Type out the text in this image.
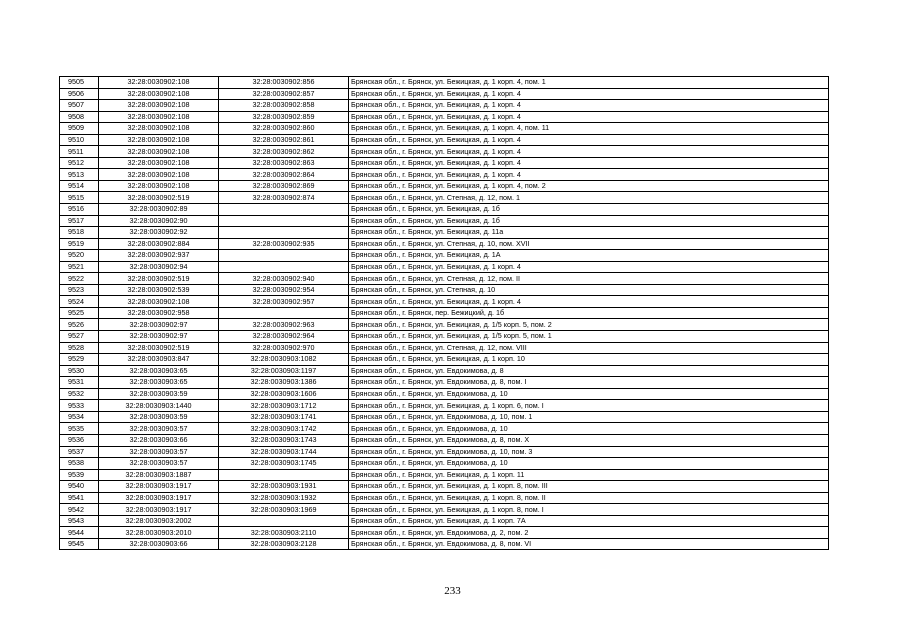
9505	32:28:0030902:108	32:28:0030902:856	Брянская обл., г. Брянск, ул. Бежицкая, д. 1 корп. 4, пом. 1
9506	32:28:0030902:108	32:28:0030902:857	Брянская обл., г. Брянск, ул. Бежицкая, д. 1 корп. 4
9507	32:28:0030902:108	32:28:0030902:858	Брянская обл., г. Брянск, ул. Бежицкая, д. 1 корп. 4
9508	32:28:0030902:108	32:28:0030902:859	Брянская обл., г. Брянск, ул. Бежицкая, д. 1 корп. 4
9509	32:28:0030902:108	32:28:0030902:860	Брянская обл., г. Брянск, ул. Бежицкая, д. 1 корп. 4, пом. 11
9510	32:28:0030902:108	32:28:0030902:861	Брянская обл., г. Брянск, ул. Бежицкая, д. 1 корп. 4
9511	32:28:0030902:108	32:28:0030902:862	Брянская обл., г. Брянск, ул. Бежицкая, д. 1 корп. 4
9512	32:28:0030902:108	32:28:0030902:863	Брянская обл., г. Брянск, ул. Бежицкая, д. 1 корп. 4
9513	32:28:0030902:108	32:28:0030902:864	Брянская обл., г. Брянск, ул. Бежицкая, д. 1 корп. 4
9514	32:28:0030902:108	32:28:0030902:869	Брянская обл., г. Брянск, ул. Бежицкая, д. 1 корп. 4, пом. 2
9515	32:28:0030902:519	32:28:0030902:874	Брянская обл., г. Брянск, ул. Степная, д. 12, пом. 1
9516	32:28:0030902:89		Брянская обл., г. Брянск, ул. Бежицкая, д. 1б
9517	32:28:0030902:90		Брянская обл., г. Брянск, ул. Бежицкая, д. 1б
9518	32:28:0030902:92		Брянская обл., г. Брянск, ул. Бежицкая, д. 11а
9519	32:28:0030902:884	32:28:0030902:935	Брянская обл., г. Брянск, ул. Степная, д. 10, пом. XVII
9520	32:28:0030902:937		Брянская обл., г. Брянск, ул. Бежицкая, д. 1А
9521	32:28:0030902:94		Брянская обл., г. Брянск, ул. Бежицкая, д. 1 корп. 4
9522	32:28:0030902:519	32:28:0030902:940	Брянская обл., г. Брянск, ул. Степная, д. 12, пом. II
9523	32:28:0030902:539	32:28:0030902:954	Брянская обл., г. Брянск, ул. Степная, д. 10
9524	32:28:0030902:108	32:28:0030902:957	Брянская обл., г. Брянск, ул. Бежицкая, д. 1 корп. 4
9525	32:28:0030902:958		Брянская обл., г. Брянск, пер. Бежицкий, д. 1б
9526	32:28:0030902:97	32:28:0030902:963	Брянская обл., г. Брянск, ул. Бежицкая, д. 1/5 корп. 5, пом. 2
9527	32:28:0030902:97	32:28:0030902:964	Брянская обл., г. Брянск, ул. Бежицкая, д. 1/5 корп. 5, пом. 1
9528	32:28:0030902:519	32:28:0030902:970	Брянская обл., г. Брянск, ул. Степная, д. 12, пом. VIII
9529	32:28:0030903:847	32:28:0030903:1082	Брянская обл., г. Брянск, ул. Бежицкая, д. 1 корп. 10
9530	32:28:0030903:65	32:28:0030903:1197	Брянская обл., г. Брянск, ул. Евдокимова, д. 8
9531	32:28:0030903:65	32:28:0030903:1386	Брянская обл., г. Брянск, ул. Евдокимова, д. 8, пом. I
9532	32:28:0030903:59	32:28:0030903:1606	Брянская обл., г. Брянск, ул. Евдокимова, д. 10
9533	32:28:0030903:1440	32:28:0030903:1712	Брянская обл., г. Брянск, ул. Бежицкая, д. 1 корп. 6, пом. I
9534	32:28:0030903:59	32:28:0030903:1741	Брянская обл., г. Брянск, ул. Евдокимова, д. 10, пом. 1
9535	32:28:0030903:57	32:28:0030903:1742	Брянская обл., г. Брянск, ул. Евдокимова, д. 10
9536	32:28:0030903:66	32:28:0030903:1743	Брянская обл., г. Брянск, ул. Евдокимова, д. 8, пом. X
9537	32:28:0030903:57	32:28:0030903:1744	Брянская обл., г. Брянск, ул. Евдокимова, д. 10, пом. 3
9538	32:28:0030903:57	32:28:0030903:1745	Брянская обл., г. Брянск, ул. Евдокимова, д. 10
9539	32:28:0030903:1887		Брянская обл., г. Брянск, ул. Бежицкая, д. 1 корп. 11
9540	32:28:0030903:1917	32:28:0030903:1931	Брянская обл., г. Брянск, ул. Бежицкая, д. 1 корп. 8, пом. III
9541	32:28:0030903:1917	32:28:0030903:1932	Брянская обл., г. Брянск, ул. Бежицкая, д. 1 корп. 8, пом. II
9542	32:28:0030903:1917	32:28:0030903:1969	Брянская обл., г. Брянск, ул. Бежицкая, д. 1 корп. 8, пом. I
9543	32:28:0030903:2002		Брянская обл., г. Брянск, ул. Бежицкая, д. 1 корп. 7А
9544	32:28:0030903:2010	32:28:0030903:2110	Брянская обл., г. Брянск, ул. Евдокимова, д. 2, пом. 2
9545	32:28:0030903:66	32:28:0030903:2128	Брянская обл., г. Брянск, ул. Евдокимова, д. 8, пом. VI
233
